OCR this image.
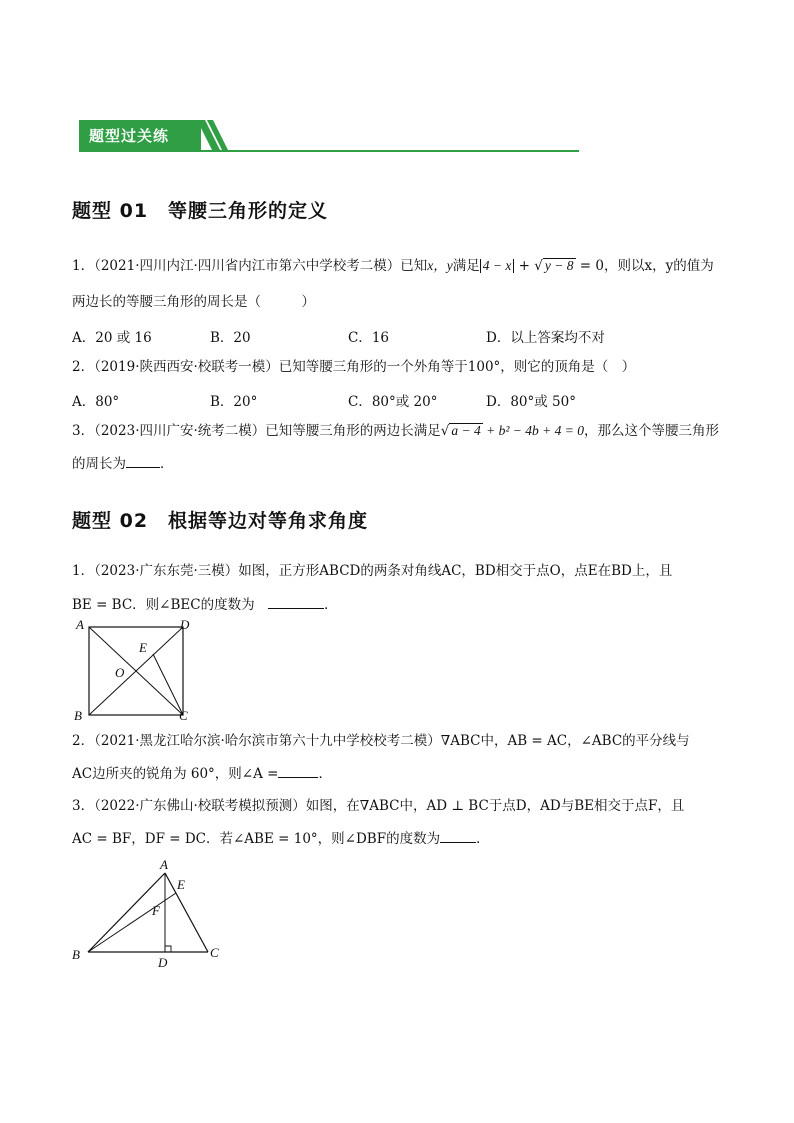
题型过关练
题型 01　等腰三角形的定义
1．（2021·四川内江·四川省内江市第六中学校考二模）已知x，y满足 4 − x + √ y − 8 = 0，则以x，y的值为
两边长的等腰三角形的周长是（　　　）
A．20 或 16	B．20	C．16	D．以上答案均不对
2．（2019·陕西西安·校联考一模）已知等腰三角形的一个外角等于100°，则它的顶角是（　）
A．80°	B．20°	C．80°或 20°	D．80°或 50°
3．（2023·四川广安·统考二模）已知等腰三角形的两边长满足√ a − 4 + b² − 4b + 4 = 0，那么这个等腰三角形
的周长为	．
题型 02　根据等边对等角求角度
1．（2023·广东东莞·三模）如图，正方形ABCD的两条对角线AC，BD相交于点O，点E在BD上，且
BE = BC．则∠BEC的度数为 	．
A	D
B	C
E
O
2．（2021·黑龙江哈尔滨·哈尔滨市第六十九中学校校考二模）∇ABC中，AB = AC，∠ABC的平分线与
AC边所夹的锐角为 60°，则∠A =	．
3．（2022·广东佛山·校联考模拟预测）如图，在∇ABC中，AD ⊥ BC于点D，AD与BE相交于点F，且
AC = BF，DF = DC．若∠ABE = 10°，则∠DBF的度数为	．
A
B	C
D
E
F
